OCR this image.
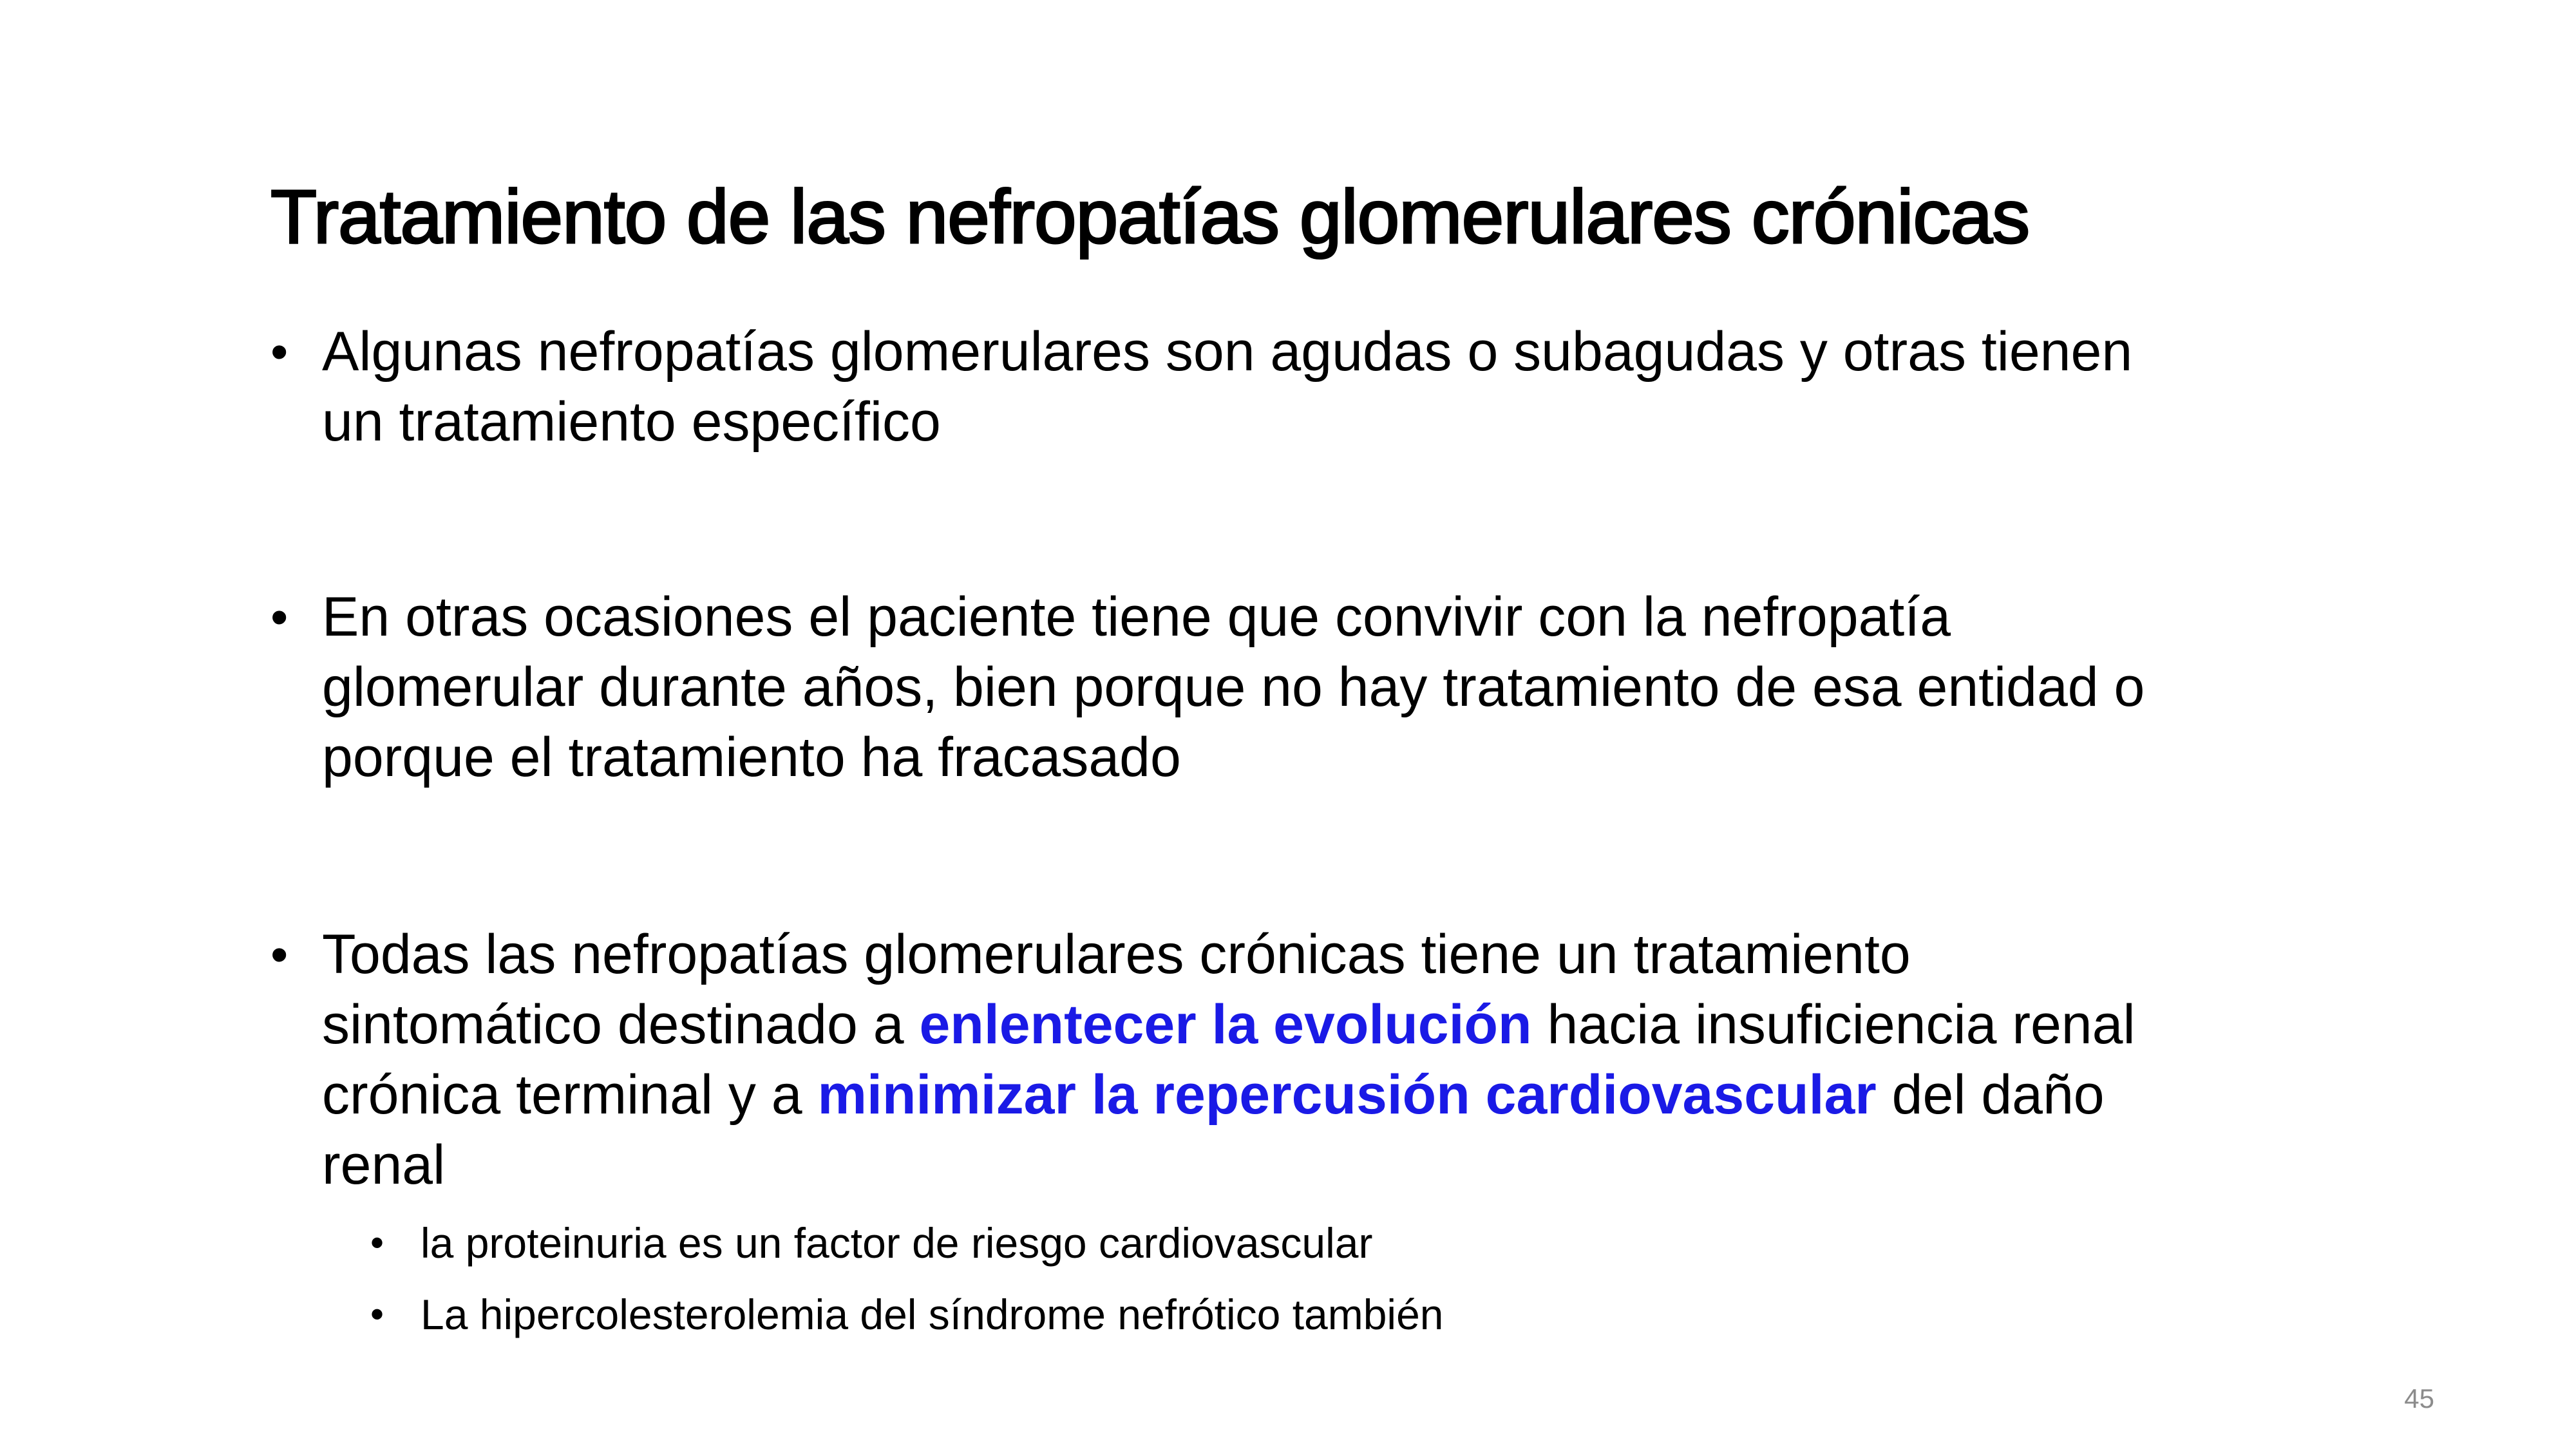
Tratamiento de las nefropatías glomerulares crónicas
• Algunas nefropatías glomerulares son agudas o subagudas y otras tienen
un tratamiento específico
• En otras ocasiones el paciente tiene que convivir con la nefropatía
glomerular durante años, bien porque no hay tratamiento de esa entidad o
porque el tratamiento ha fracasado
• Todas las nefropatías glomerulares crónicas tiene un tratamiento
sintomático destinado a enlentecer la evolución hacia insuficiencia renal
crónica terminal y a minimizar la repercusión cardiovascular del daño
renal
• la proteinuria es un factor de riesgo cardiovascular
• La hipercolesterolemia del síndrome nefrótico también
45
